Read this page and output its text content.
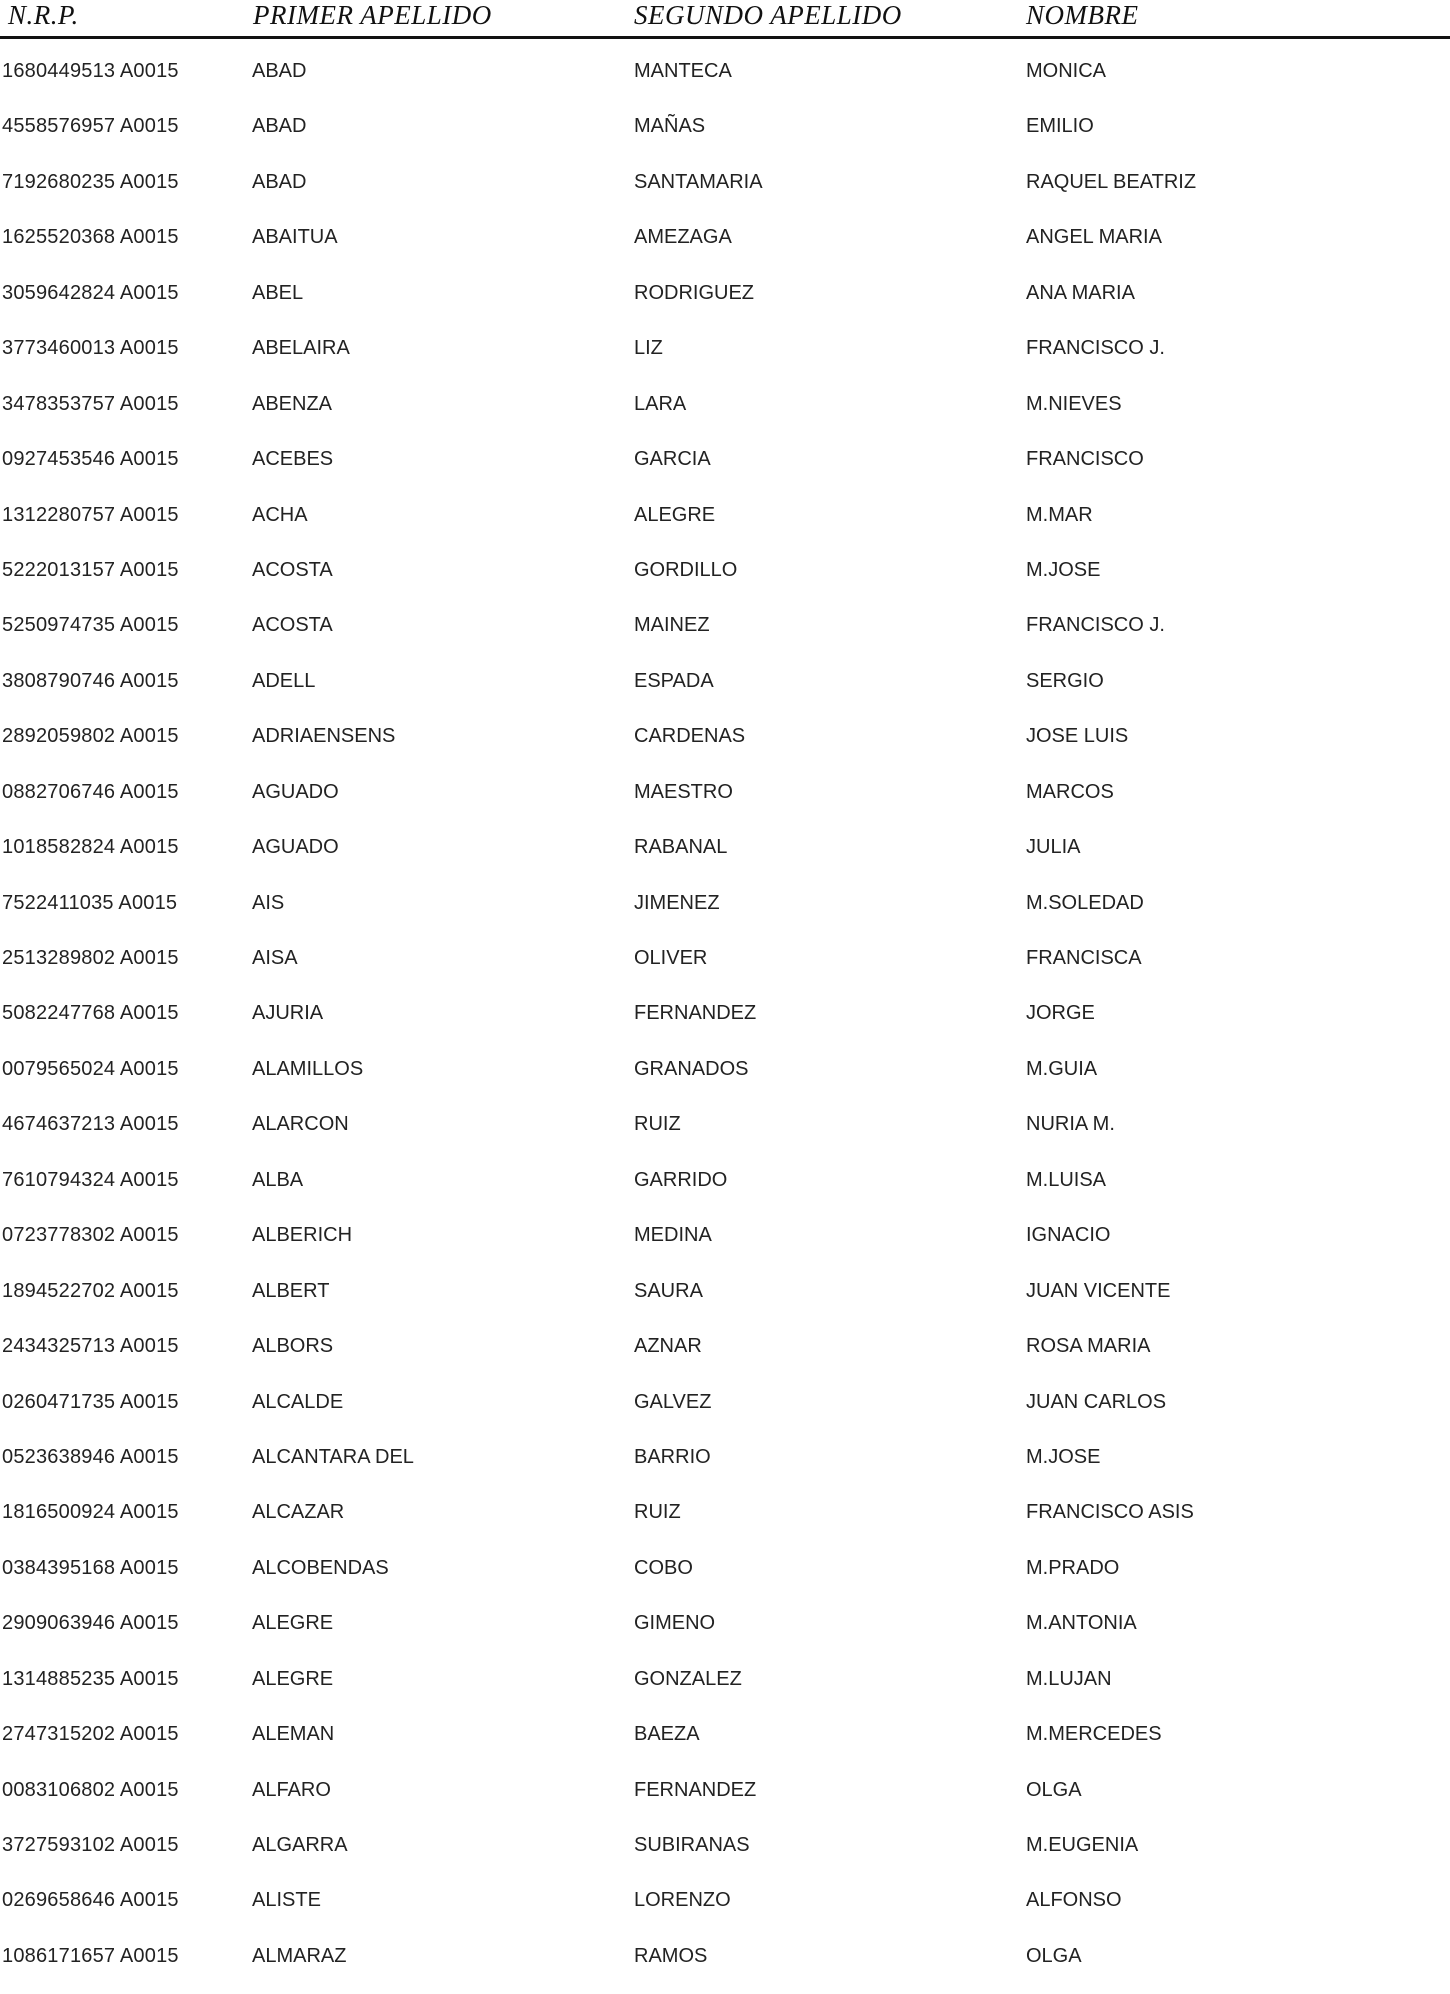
N.R.P.	PRIMER APELLIDO	SEGUNDO APELLIDO	NOMBRE
1680449513 A0015	ABAD	MANTECA	MONICA
4558576957 A0015	ABAD	MAÑAS	EMILIO
7192680235 A0015	ABAD	SANTAMARIA	RAQUEL BEATRIZ
1625520368 A0015	ABAITUA	AMEZAGA	ANGEL MARIA
3059642824 A0015	ABEL	RODRIGUEZ	ANA MARIA
3773460013 A0015	ABELAIRA	LIZ	FRANCISCO J.
3478353757 A0015	ABENZA	LARA	M.NIEVES
0927453546 A0015	ACEBES	GARCIA	FRANCISCO
1312280757 A0015	ACHA	ALEGRE	M.MAR
5222013157 A0015	ACOSTA	GORDILLO	M.JOSE
5250974735 A0015	ACOSTA	MAINEZ	FRANCISCO J.
3808790746 A0015	ADELL	ESPADA	SERGIO
2892059802 A0015	ADRIAENSENS	CARDENAS	JOSE LUIS
0882706746 A0015	AGUADO	MAESTRO	MARCOS
1018582824 A0015	AGUADO	RABANAL	JULIA
7522411035 A0015	AIS	JIMENEZ	M.SOLEDAD
2513289802 A0015	AISA	OLIVER	FRANCISCA
5082247768 A0015	AJURIA	FERNANDEZ	JORGE
0079565024 A0015	ALAMILLOS	GRANADOS	M.GUIA
4674637213 A0015	ALARCON	RUIZ	NURIA M.
7610794324 A0015	ALBA	GARRIDO	M.LUISA
0723778302 A0015	ALBERICH	MEDINA	IGNACIO
1894522702 A0015	ALBERT	SAURA	JUAN VICENTE
2434325713 A0015	ALBORS	AZNAR	ROSA MARIA
0260471735 A0015	ALCALDE	GALVEZ	JUAN CARLOS
0523638946 A0015	ALCANTARA DEL	BARRIO	M.JOSE
1816500924 A0015	ALCAZAR	RUIZ	FRANCISCO ASIS
0384395168 A0015	ALCOBENDAS	COBO	M.PRADO
2909063946 A0015	ALEGRE	GIMENO	M.ANTONIA
1314885235 A0015	ALEGRE	GONZALEZ	M.LUJAN
2747315202 A0015	ALEMAN	BAEZA	M.MERCEDES
0083106802 A0015	ALFARO	FERNANDEZ	OLGA
3727593102 A0015	ALGARRA	SUBIRANAS	M.EUGENIA
0269658646 A0015	ALISTE	LORENZO	ALFONSO
1086171657 A0015	ALMARAZ	RAMOS	OLGA
